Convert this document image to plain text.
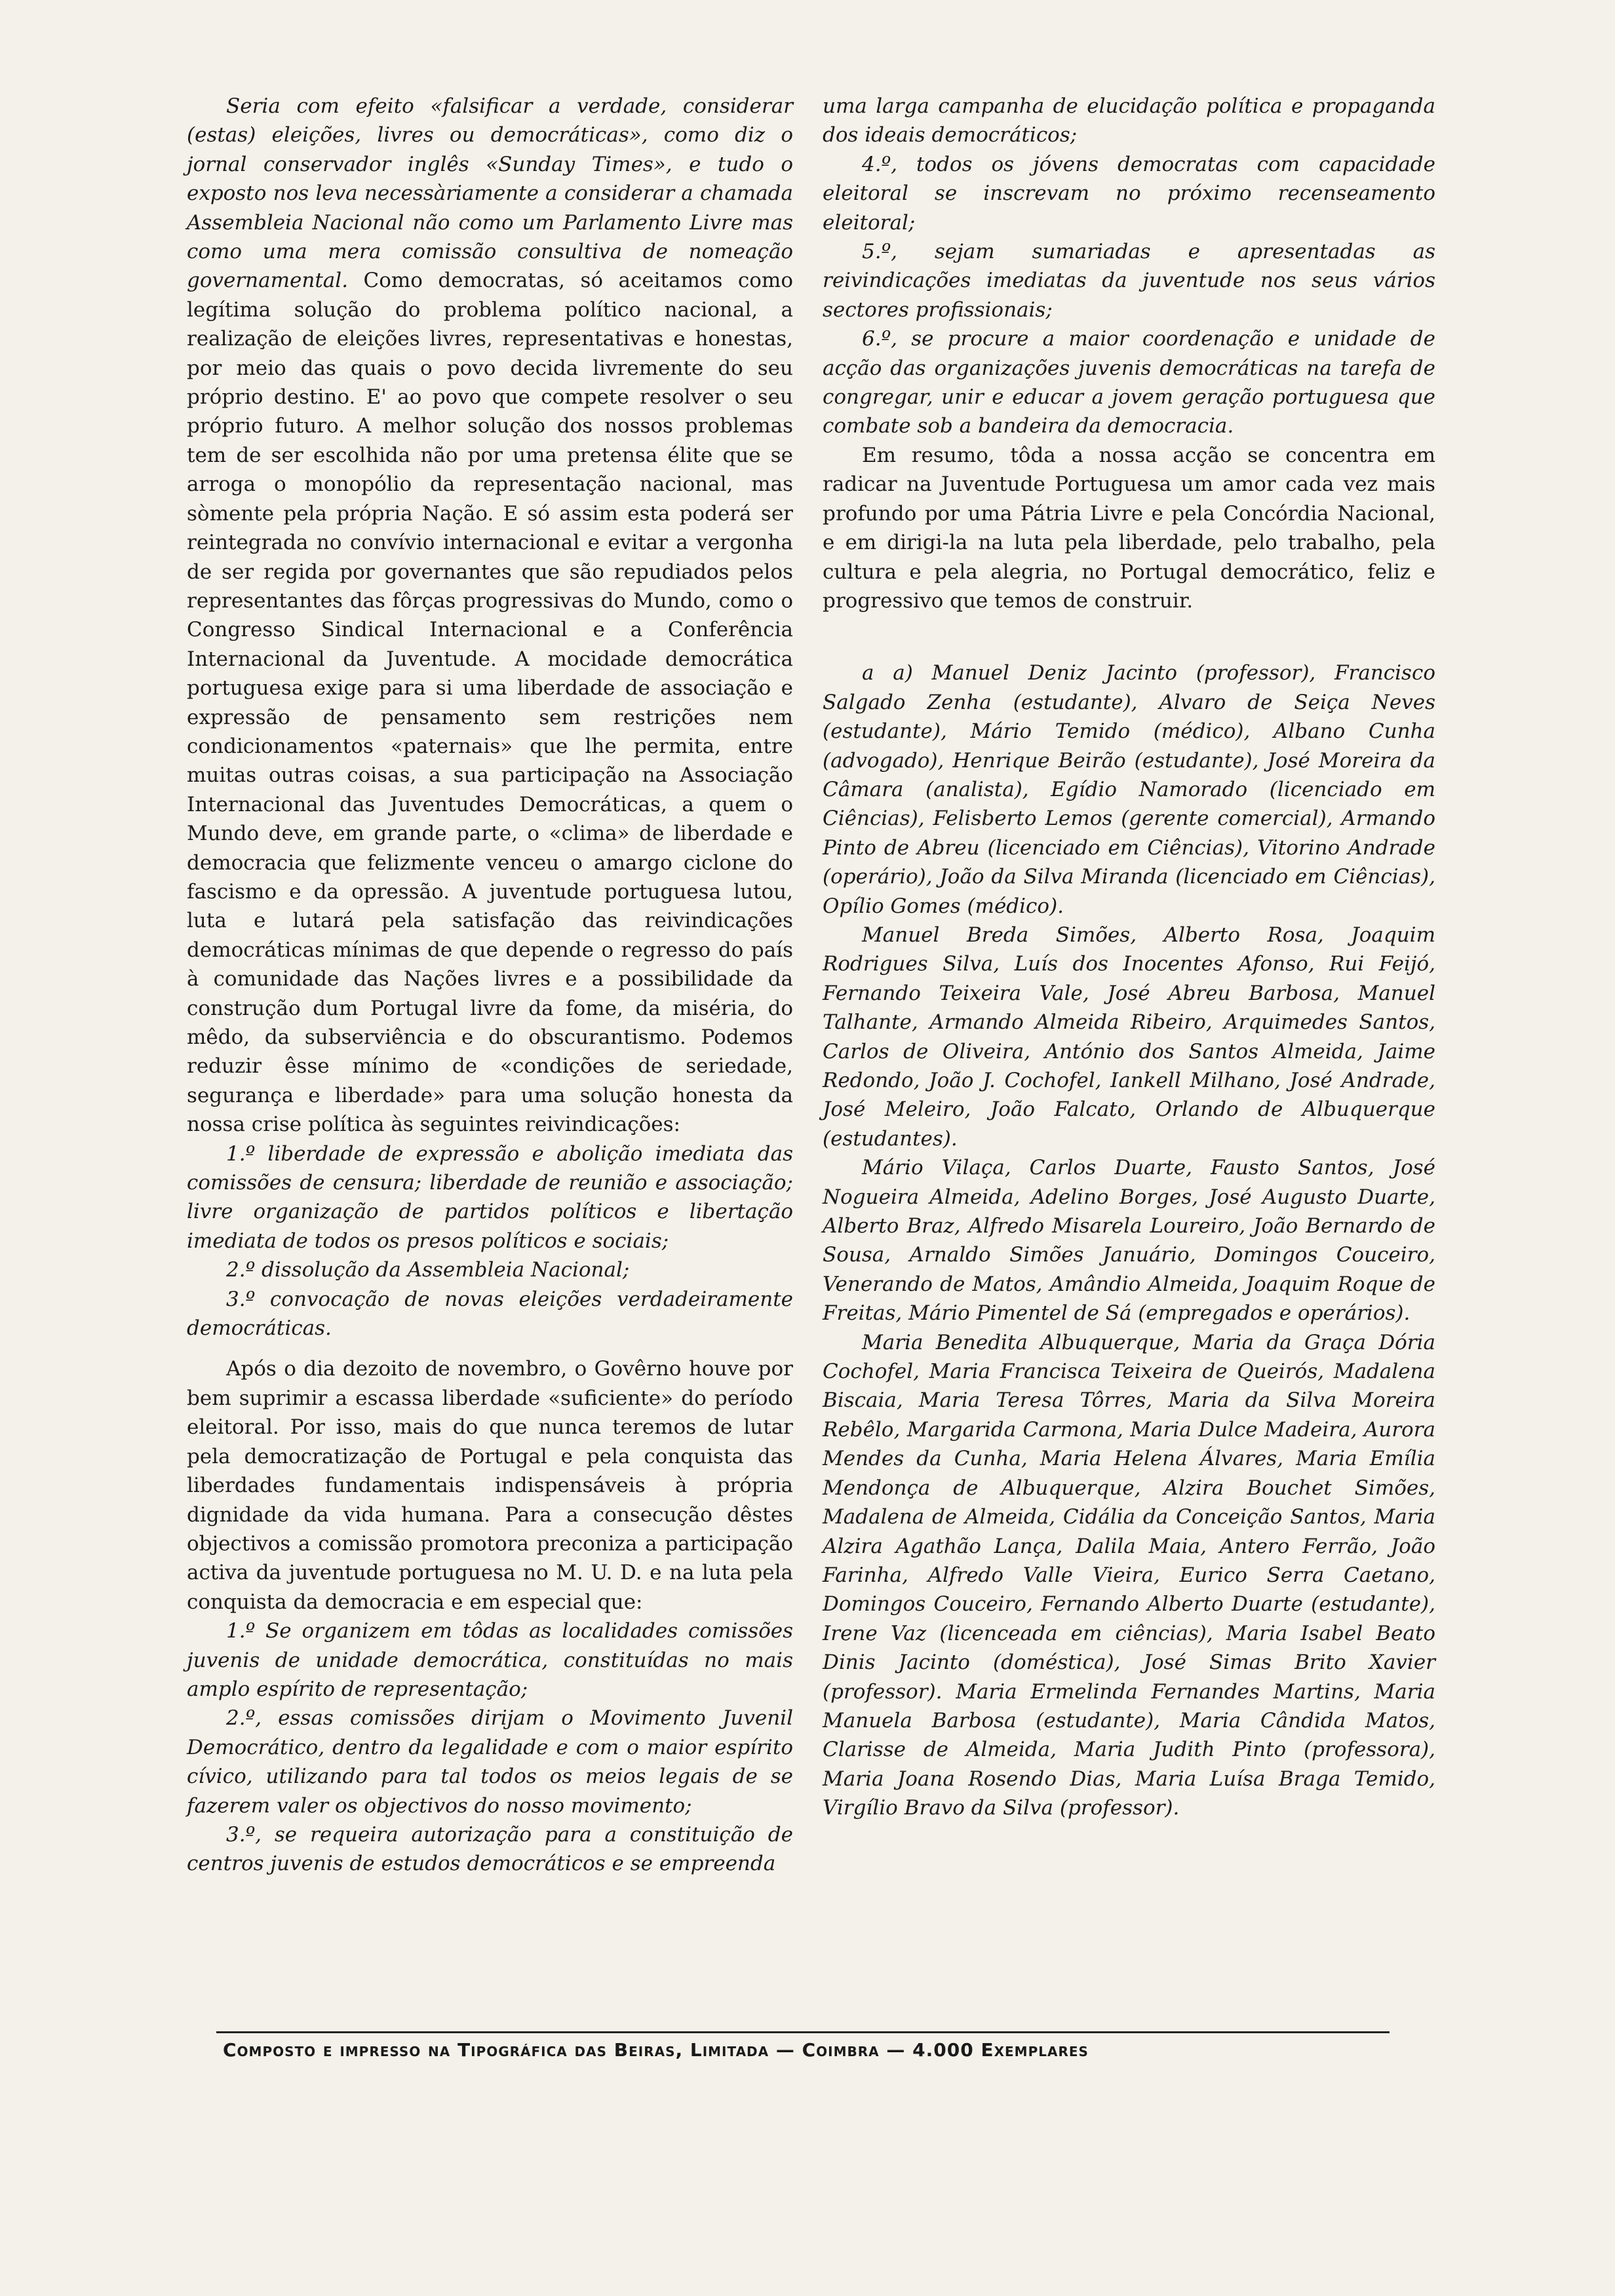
Seria com efeito «falsificar a verdade, considerar (estas) eleições, livres ou democráticas», como diz o jornal conservador inglês «Sunday Times», e tudo o exposto nos leva necessàriamente a considerar a chamada Assembleia Nacional não como um Parlamento Livre mas como uma mera comissão consultiva de nomeação governamental. Como democratas, só aceitamos como legítima solução do problema político nacional, a realização de eleições livres, representativas e honestas, por meio das quais o povo decida livremente do seu próprio destino. E' ao povo que compete resolver o seu próprio futuro. A melhor solução dos nossos problemas tem de ser escolhida não por uma pretensa élite que se arroga o monopólio da representação nacional, mas sòmente pela própria Nação. E só assim esta poderá ser reintegrada no convívio internacional e evitar a vergonha de ser regida por governantes que são repudiados pelos representantes das fôrças progressivas do Mundo, como o Congresso Sindical Internacional e a Conferência Internacional da Juventude. A mocidade democrática portuguesa exige para si uma liberdade de associação e expressão de pensamento sem restrições nem condicionamentos «paternais» que lhe permita, entre muitas outras coisas, a sua participação na Associação Internacional das Juventudes Democráticas, a quem o Mundo deve, em grande parte, o «clima» de liberdade e democracia que felizmente venceu o amargo ciclone do fascismo e da opressão. A juventude portuguesa lutou, luta e lutará pela satisfação das reivindicações democráticas mínimas de que depende o regresso do país à comunidade das Nações livres e a possibilidade da construção dum Portugal livre da fome, da miséria, do mêdo, da subserviência e do obscurantismo. Podemos reduzir êsse mínimo de «condições de seriedade, segurança e liberdade» para uma solução honesta da nossa crise política às seguintes reivindicações:

1.º liberdade de expressão e abolição imediata das comissões de censura; liberdade de reunião e associação; livre organização de partidos políticos e libertação imediata de todos os presos políticos e sociais;

2.º dissolução da Assembleia Nacional;

3.º convocação de novas eleições verdadeiramente democráticas.

Após o dia dezoito de novembro, o Govêrno houve por bem suprimir a escassa liberdade «suficiente» do período eleitoral. Por isso, mais do que nunca teremos de lutar pela democratização de Portugal e pela conquista das liberdades fundamentais indispensáveis à própria dignidade da vida humana. Para a consecução dêstes objectivos a comissão promotora preconiza a participação activa da juventude portuguesa no M. U. D. e na luta pela conquista da democracia e em especial que:

1.º Se organizem em tôdas as localidades comissões juvenis de unidade democrática, constituídas no mais amplo espírito de representação;

2.º, essas comissões dirijam o Movimento Juvenil Democrático, dentro da legalidade e com o maior espírito cívico, utilizando para tal todos os meios legais de se fazerem valer os objectivos do nosso movimento;

3.º, se requeira autorização para a constituição de centros juvenis de estudos democráticos e se empreenda

uma larga campanha de elucidação política e propaganda dos ideais democráticos;

4.º, todos os jóvens democratas com capacidade eleitoral se inscrevam no próximo recenseamento eleitoral;

5.º, sejam sumariadas e apresentadas as reivindicações imediatas da juventude nos seus vários sectores profissionais;

6.º, se procure a maior coordenação e unidade de acção das organizações juvenis democráticas na tarefa de congregar, unir e educar a jovem geração portuguesa que combate sob a bandeira da democracia.

Em resumo, tôda a nossa acção se concentra em radicar na Juventude Portuguesa um amor cada vez mais profundo por uma Pátria Livre e pela Concórdia Nacional, e em dirigi-la na luta pela liberdade, pelo trabalho, pela cultura e pela alegria, no Portugal democrático, feliz e progressivo que temos de construir.

a a) Manuel Deniz Jacinto (professor), Francisco Salgado Zenha (estudante), Alvaro de Seiça Neves (estudante), Mário Temido (médico), Albano Cunha (advogado), Henrique Beirão (estudante), José Moreira da Câmara (analista), Egídio Namorado (licenciado em Ciências), Felisberto Lemos (gerente comercial), Armando Pinto de Abreu (licenciado em Ciências), Vitorino Andrade (operário), João da Silva Miranda (licenciado em Ciências), Opílio Gomes (médico).

Manuel Breda Simões, Alberto Rosa, Joaquim Rodrigues Silva, Luís dos Inocentes Afonso, Rui Feijó, Fernando Teixeira Vale, José Abreu Barbosa, Manuel Talhante, Armando Almeida Ribeiro, Arquimedes Santos, Carlos de Oliveira, António dos Santos Almeida, Jaime Redondo, João J. Cochofel, Iankell Milhano, José Andrade, José Meleiro, João Falcato, Orlando de Albuquerque (estudantes).

Mário Vilaça, Carlos Duarte, Fausto Santos, José Nogueira Almeida, Adelino Borges, José Augusto Duarte, Alberto Braz, Alfredo Misarela Loureiro, João Bernardo de Sousa, Arnaldo Simões Januário, Domingos Couceiro, Venerando de Matos, Amândio Almeida, Joaquim Roque de Freitas, Mário Pimentel de Sá (empregados e operários).

Maria Benedita Albuquerque, Maria da Graça Dória Cochofel, Maria Francisca Teixeira de Queirós, Madalena Biscaia, Maria Teresa Tôrres, Maria da Silva Moreira Rebêlo, Margarida Carmona, Maria Dulce Madeira, Aurora Mendes da Cunha, Maria Helena Álvares, Maria Emília Mendonça de Albuquerque, Alzira Bouchet Simões, Madalena de Almeida, Cidália da Conceição Santos, Maria Alzira Agathão Lança, Dalila Maia, Antero Ferrão, João Farinha, Alfredo Valle Vieira, Eurico Serra Caetano, Domingos Couceiro, Fernando Alberto Duarte (estudante), Irene Vaz (licenceada em ciências), Maria Isabel Beato Dinis Jacinto (doméstica), José Simas Brito Xavier (professor). Maria Ermelinda Fernandes Martins, Maria Manuela Barbosa (estudante), Maria Cândida Matos, Clarisse de Almeida, Maria Judith Pinto (professora), Maria Joana Rosendo Dias, Maria Luísa Braga Temido, Virgílio Bravo da Silva (professor).

Composto e impresso na Tipográfica das Beiras, Limitada — Coimbra — 4.000 Exemplares
